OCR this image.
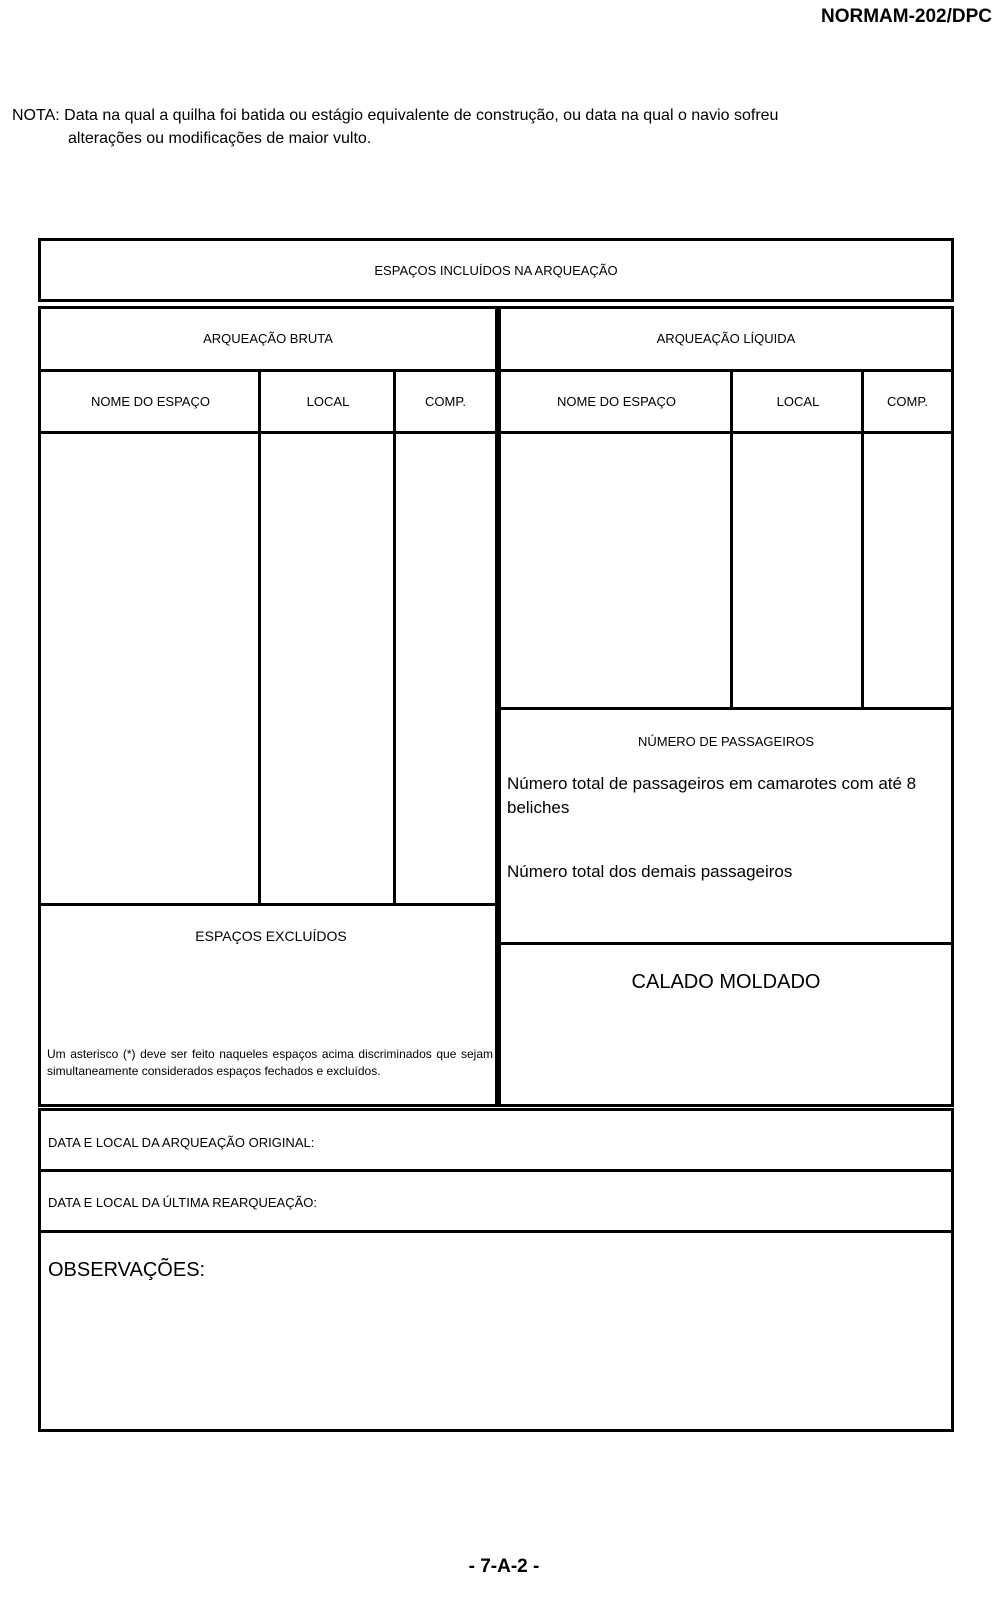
NORMAM-202/DPC
NOTA: Data na qual a quilha foi batida ou estágio equivalente de construção, ou data na qual o navio sofreu
alterações ou modificações de maior vulto.
ESPAÇOS INCLUÍDOS NA ARQUEAÇÃO
ARQUEAÇÃO BRUTA
NOME DO ESPAÇO	LOCAL	COMP.
ARQUEAÇÃO LÍQUIDA
NOME DO ESPAÇO	LOCAL	COMP.
NÚMERO DE PASSAGEIROS
Número total de passageiros em camarotes com até 8 beliches
Número total dos demais passageiros
ESPAÇOS EXCLUÍDOS
Um asterisco (*) deve ser feito naqueles espaços acima discriminados que sejam simultaneamente considerados espaços fechados e excluídos.
CALADO MOLDADO
DATA E LOCAL DA ARQUEAÇÃO ORIGINAL:
DATA E LOCAL DA ÚLTIMA REARQUEAÇÃO:
OBSERVAÇÕES:
- 7-A-2 -
